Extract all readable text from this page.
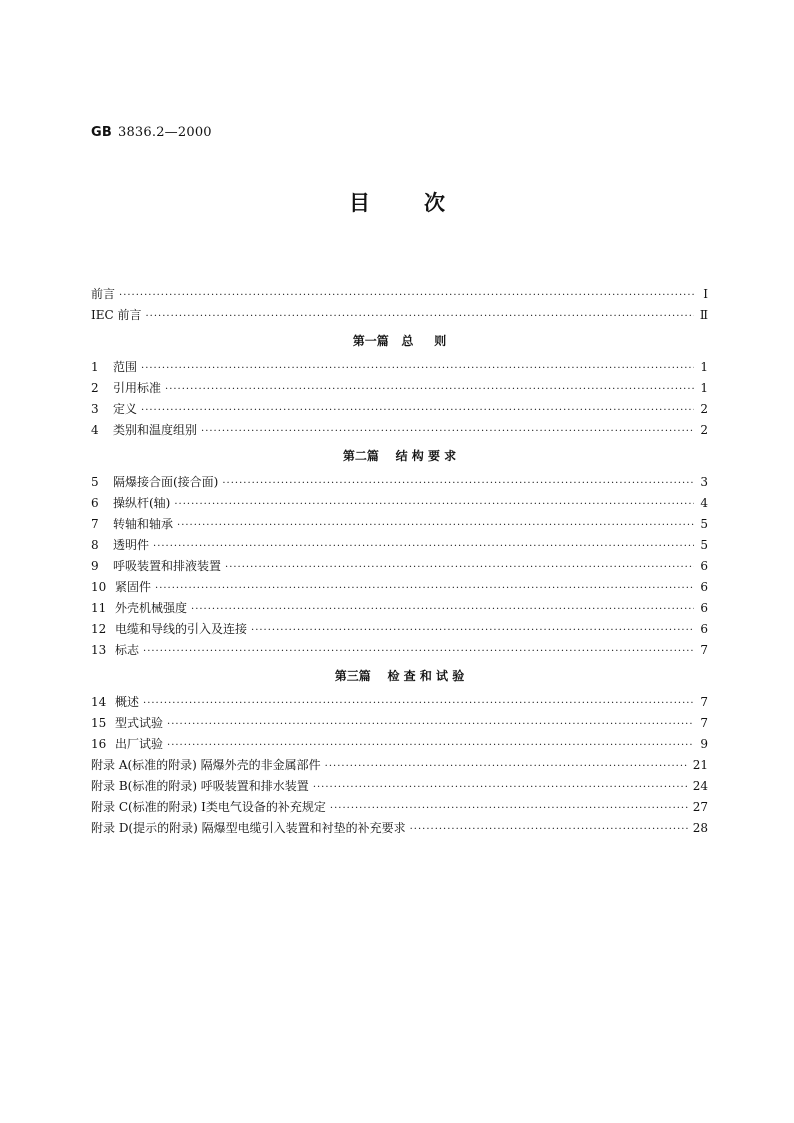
GB 3836.2—2000
目次
前言 ·····	Ⅰ
IEC 前言 ·····	Ⅱ
第一篇   总     则
1	范围 ·····	1
2	引用标准 ·····	1
3	定义 ·····	2
4	类别和温度组别 ·····	2
第二篇    结 构 要 求
5	隔爆接合面(接合面) ·····	3
6	操纵杆(轴) ·····	4
7	转轴和轴承 ·····	5
8	透明件 ·····	5
9	呼吸装置和排液装置 ·····	6
10 紧固件 ·····	6
11 外壳机械强度 ·····	6
12 电缆和导线的引入及连接 ·····	6
13 标志 ·····	7
第三篇    检 查 和 试 验
14 概述 ·····	7
15 型式试验 ·····	7
16 出厂试验 ·····	9
附录 A(标准的附录) 隔爆外壳的非金属部件 ·····	21
附录 B(标准的附录) 呼吸装置和排水装置 ·····	24
附录 C(标准的附录) Ⅰ类电气设备的补充规定 ·····	27
附录 D(提示的附录) 隔爆型电缆引入装置和衬垫的补充要求 ·····	28
